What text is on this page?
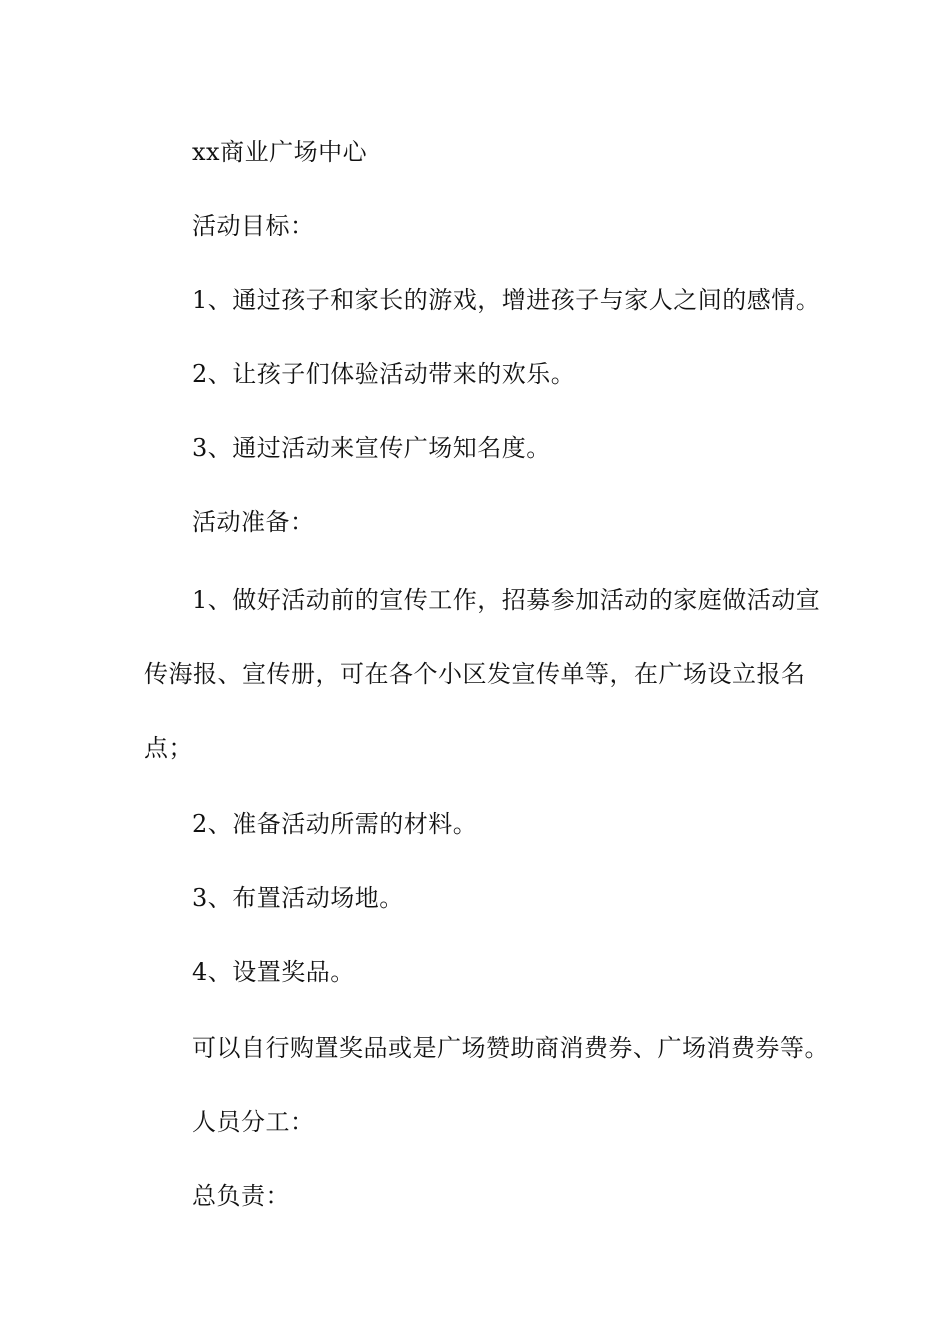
xx商业广场中心
活动目标：
1、通过孩子和家长的游戏，增进孩子与家人之间的感情。
2、让孩子们体验活动带来的欢乐。
3、通过活动来宣传广场知名度。
活动准备：
1、做好活动前的宣传工作，招募参加活动的家庭做活动宣
传海报、宣传册，可在各个小区发宣传单等，在广场设立报名
点；
2、准备活动所需的材料。
3、布置活动场地。
4、设置奖品。
可以自行购置奖品或是广场赞助商消费券、广场消费券等。
人员分工：
总负责：
